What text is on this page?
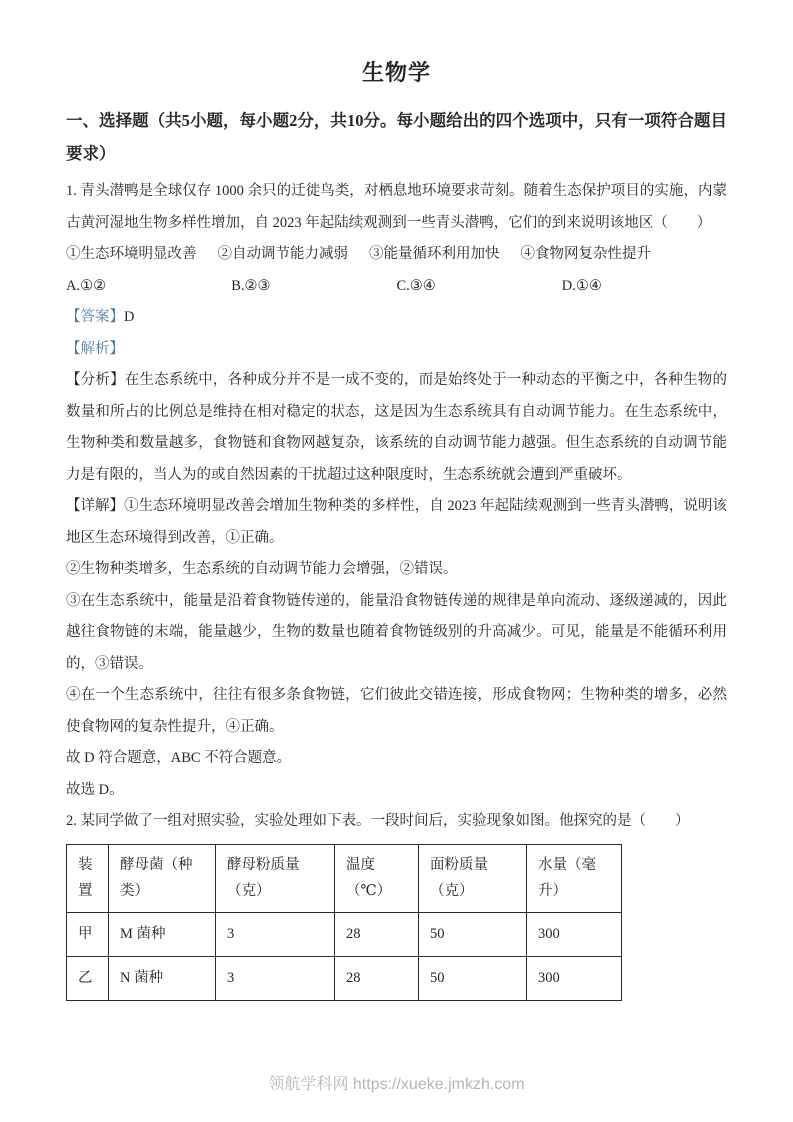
生物学
一、选择题（共5小题，每小题2分，共10分。每小题给出的四个选项中，只有一项符合题目要求）

1. 青头潜鸭是全球仅存 1000 余只的迁徙鸟类，对栖息地环境要求苛刻。随着生态保护项目的实施，内蒙古黄河湿地生物多样性增加，自 2023 年起陆续观测到一些青头潜鸭，它们的到来说明该地区（　　）

①生态环境明显改善 ②自动调节能力减弱 ③能量循环利用加快 ④食物网复杂性提升
A.①②	B.②③	C.③④	D.①④

【答案】D

【解析】

【分析】在生态系统中，各种成分并不是一成不变的，而是始终处于一种动态的平衡之中，各种生物的数量和所占的比例总是维持在相对稳定的状态，这是因为生态系统具有自动调节能力。在生态系统中，生物种类和数量越多，食物链和食物网越复杂，该系统的自动调节能力越强。但生态系统的自动调节能力是有限的，当人为的或自然因素的干扰超过这种限度时，生态系统就会遭到严重破坏。

【详解】①生态环境明显改善会增加生物种类的多样性，自 2023 年起陆续观测到一些青头潜鸭，说明该地区生态环境得到改善，①正确。

②生物种类增多，生态系统的自动调节能力会增强，②错误。

③在生态系统中，能量是沿着食物链传递的，能量沿食物链传递的规律是单向流动、逐级递减的，因此越往食物链的末端，能量越少，生物的数量也随着食物链级别的升高减少。可见，能量是不能循环利用的，③错误。

④在一个生态系统中，往往有很多条食物链，它们彼此交错连接，形成食物网；生物种类的增多，必然使食物网的复杂性提升，④正确。

故 D 符合题意，ABC 不符合题意。

故选 D。

2. 某同学做了一组对照实验，实验处理如下表。一段时间后，实验现象如图。他探究的是（　　）

装置	酵母菌（种类）	酵母粉质量（克）	温度（℃）	面粉质量（克）	水量（毫升）
甲	M 菌种	3	28	50	300
乙	N 菌种	3	28	50	300
领航学科网 https://xueke.jmkzh.com
